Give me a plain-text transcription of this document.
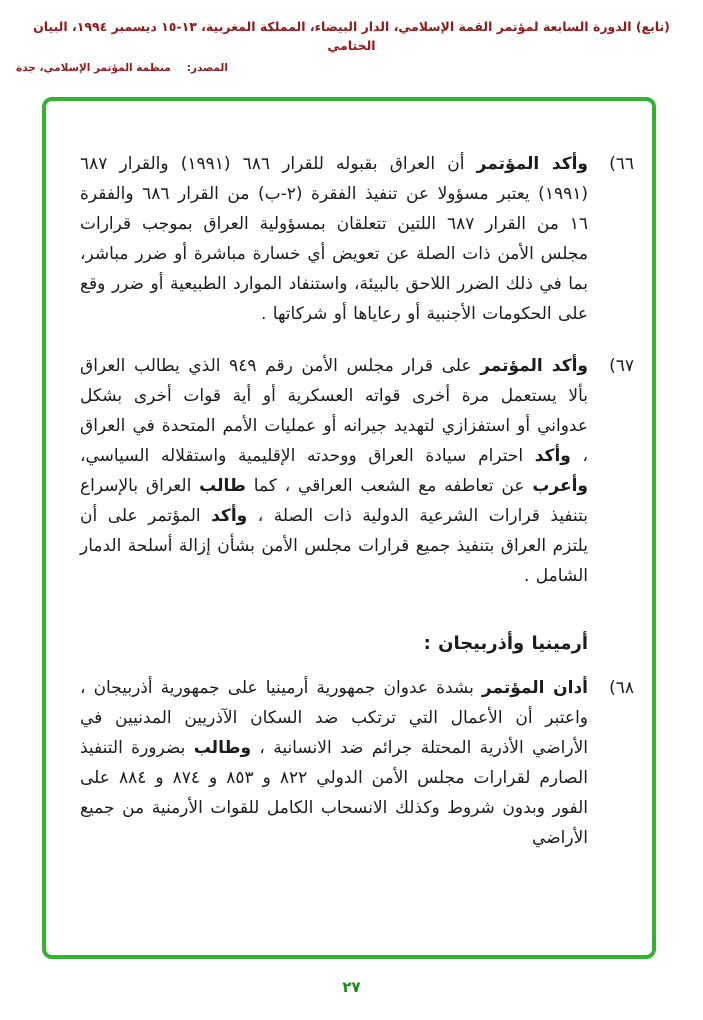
(تابع) الدورة السابعة لمؤتمر القمة الإسلامي، الدار البيضاء، المملكة المغربية، ١٣-١٥ ديسمبر ١٩٩٤، البيان الختامي
المصدر:منظمة المؤتمر الإسلامي، جدة
٦٦)
وأكد المؤتمر أن العراق بقبوله للقرار ٦٨٦ (١٩٩١) والقرار ٦٨٧ (١٩٩١) يعتبر مسؤولا عن تنفيذ الفقرة (٢-ب) من القرار ٦٨٦ والفقرة ١٦ من القرار ٦٨٧ اللتين تتعلقان بمسؤولية العراق بموجب قرارات مجلس الأمن ذات الصلة عن تعويض أي خسارة مباشرة أو ضرر مباشر، بما في ذلك الضرر اللاحق بالبيئة، واستنفاد الموارد الطبيعية أو ضرر وقع على الحكومات الأجنبية أو رعاياها أو شركاتها .
٦٧)
وأكد المؤتمر على قرار مجلس الأمن رقم ٩٤٩ الذي يطالب العراق بألا يستعمل مرة أخرى قواته العسكرية أو أية قوات أخرى بشكل عدواني أو استفزازي لتهديد جيرانه أو عمليات الأمم المتحدة في العراق ، وأكد احترام سيادة العراق ووحدته الإقليمية واستقلاله السياسي، وأعرب عن تعاطفه مع الشعب العراقي ، كما طالب العراق بالإسراع بتنفيذ قرارات الشرعية الدولية ذات الصلة ، وأكد المؤتمر على أن يلتزم العراق بتنفيذ جميع قرارات مجلس الأمن بشأن إزالة أسلحة الدمار الشامل .
أرمينيا وأذربيجان :
٦٨)
أدان المؤتمر بشدة عدوان جمهورية أرمينيا على جمهورية أذربيجان ، واعتبر أن الأعمال التي ترتكب ضد السكان الآذريين المدنيين في الأراضي الأذرية المحتلة جرائم ضد الانسانية ، وطالب بضرورة التنفيذ الصارم لقرارات مجلس الأمن الدولي ٨٢٢ و ٨٥٣ و ٨٧٤ و ٨٨٤ على الفور وبدون شروط وكذلك الانسحاب الكامل للقوات الأرمنية من جميع الأراضي
٢٧
